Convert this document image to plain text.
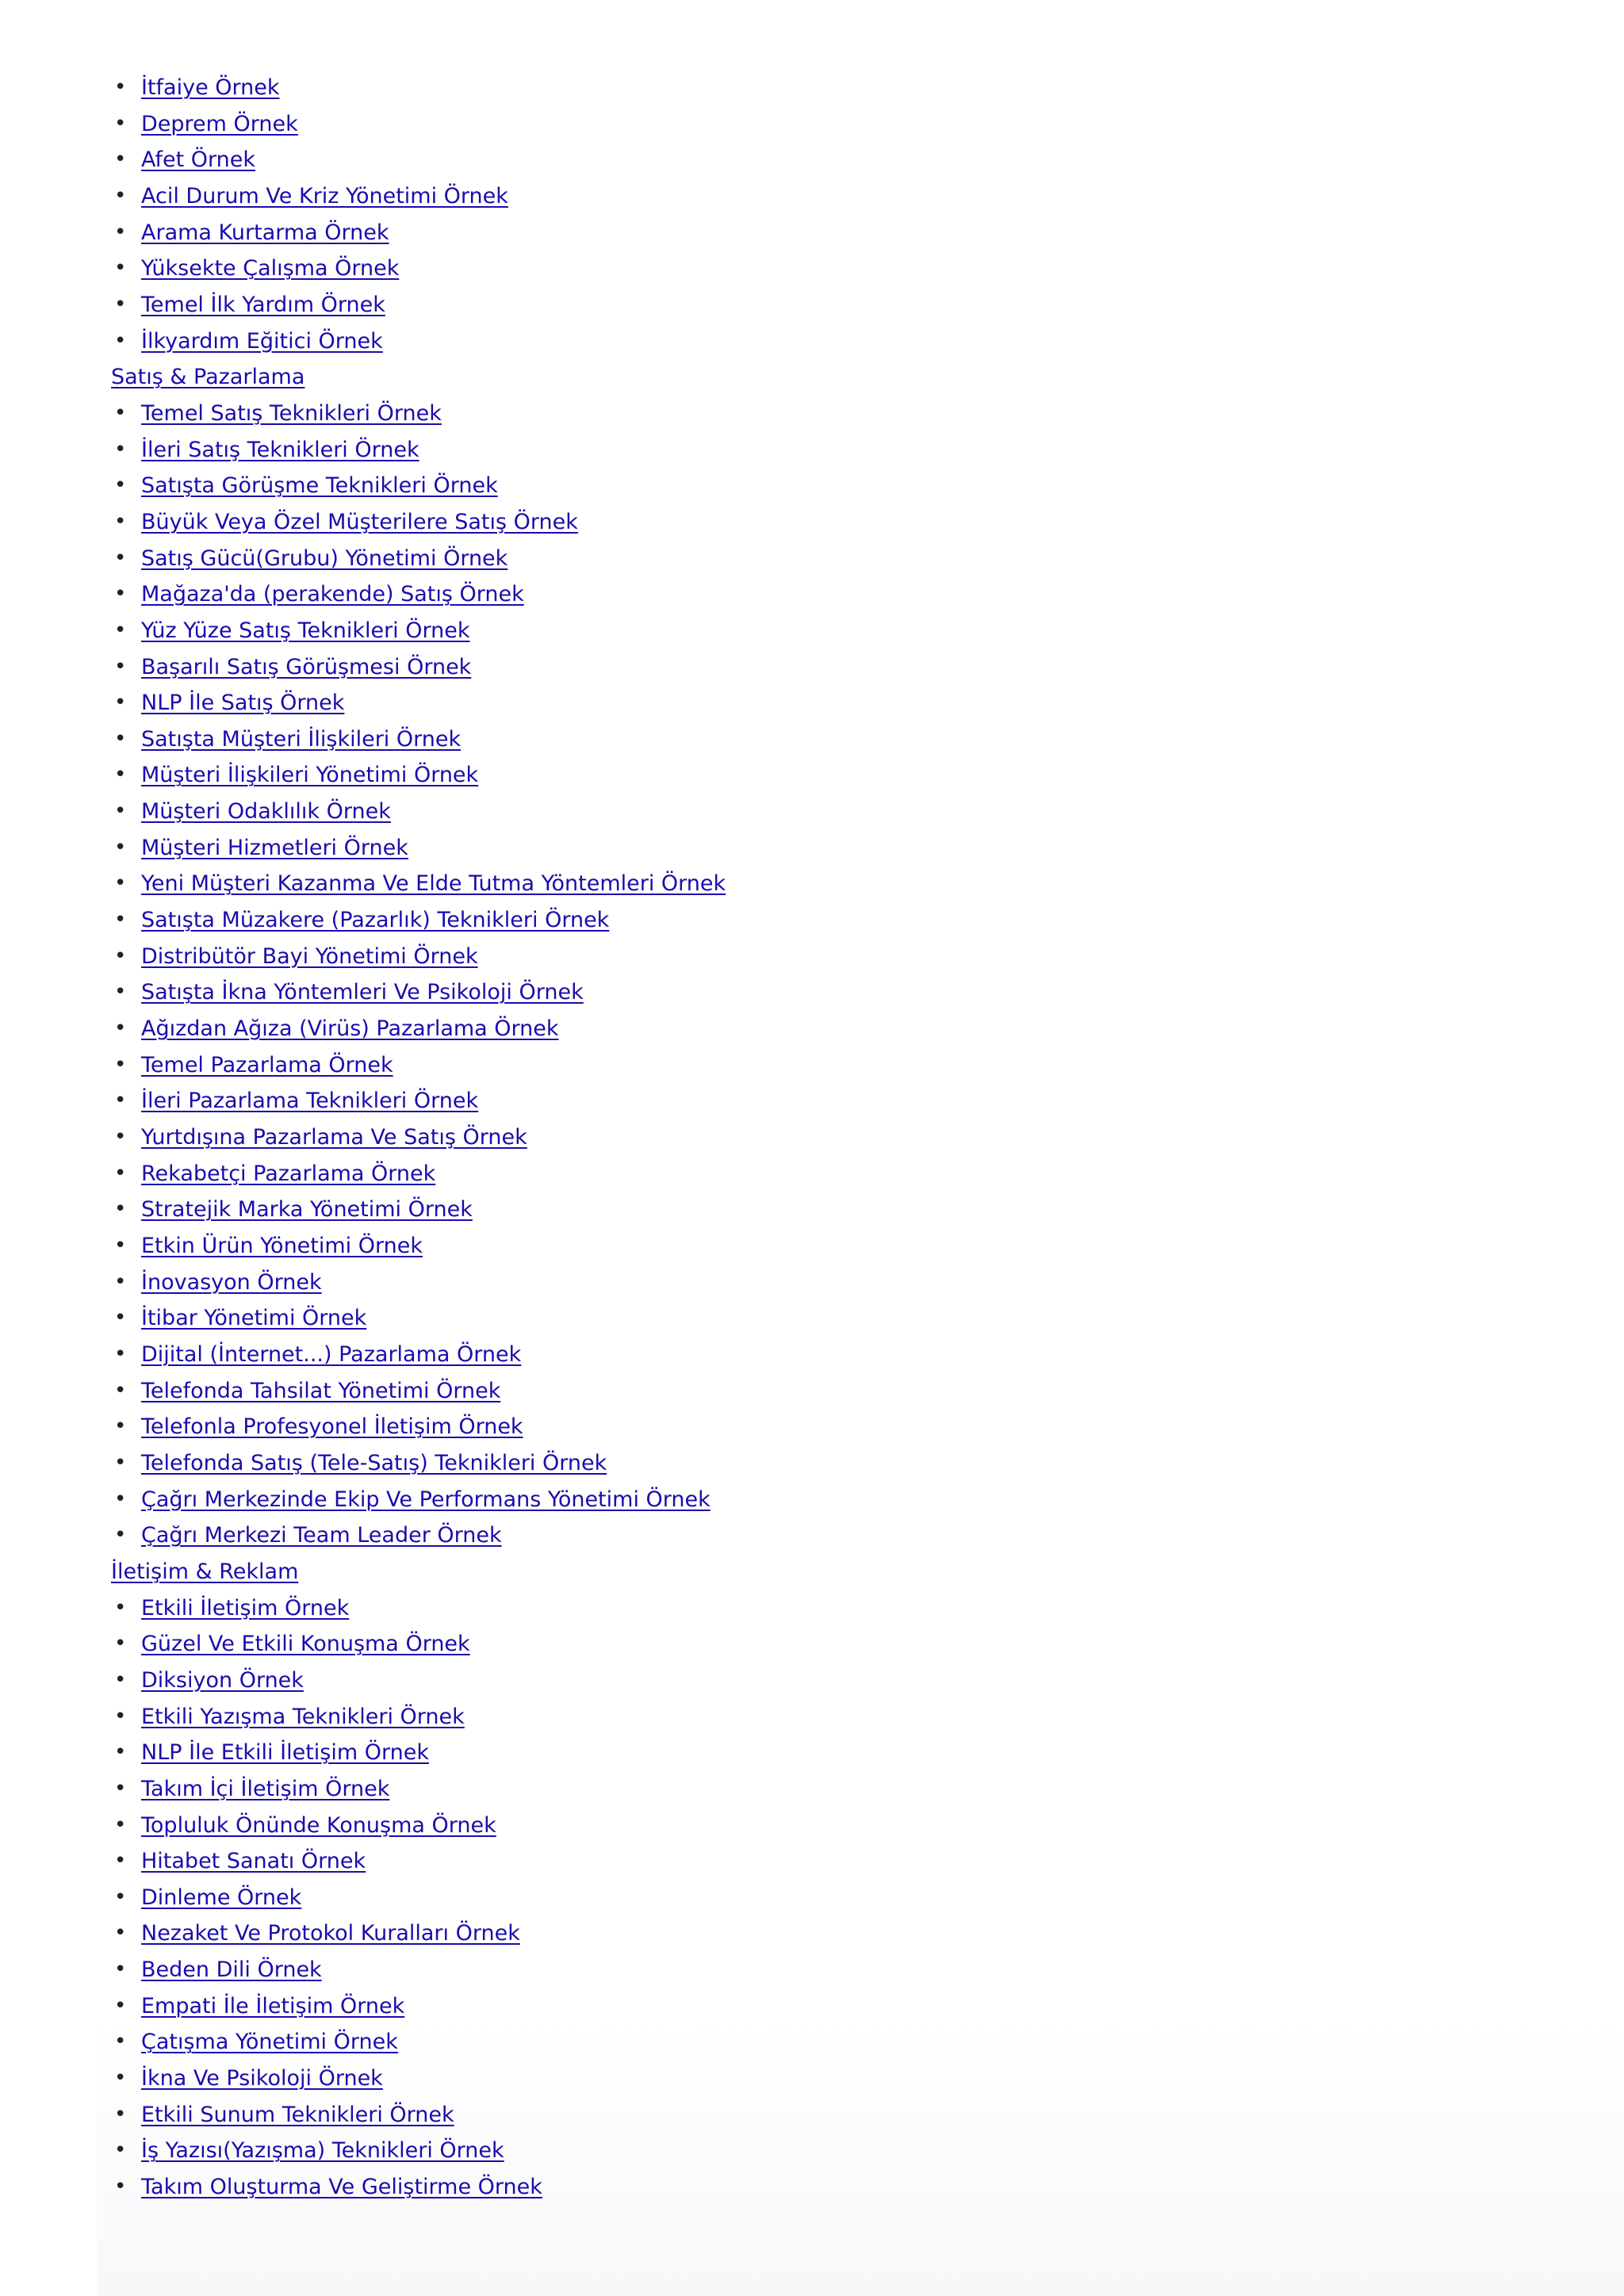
• İtfaiye Örnek
• Deprem Örnek
• Afet Örnek
• Acil Durum Ve Kriz Yönetimi Örnek
• Arama Kurtarma Örnek
• Yüksekte Çalışma Örnek
• Temel İlk Yardım Örnek
• İlkyardım Eğitici Örnek
Satış & Pazarlama
• Temel Satış Teknikleri Örnek
• İleri Satış Teknikleri Örnek
• Satışta Görüşme Teknikleri Örnek
• Büyük Veya Özel Müşterilere Satış Örnek
• Satış Gücü(Grubu) Yönetimi Örnek
• Mağaza'da (perakende) Satış Örnek
• Yüz Yüze Satış Teknikleri Örnek
• Başarılı Satış Görüşmesi Örnek
• NLP İle Satış Örnek
• Satışta Müşteri İlişkileri Örnek
• Müşteri İlişkileri Yönetimi Örnek
• Müşteri Odaklılık Örnek
• Müşteri Hizmetleri Örnek
• Yeni Müşteri Kazanma Ve Elde Tutma Yöntemleri Örnek
• Satışta Müzakere (Pazarlık) Teknikleri Örnek
• Distribütör Bayi Yönetimi Örnek
• Satışta İkna Yöntemleri Ve Psikoloji Örnek
• Ağızdan Ağıza (Virüs) Pazarlama Örnek
• Temel Pazarlama Örnek
• İleri Pazarlama Teknikleri Örnek
• Yurtdışına Pazarlama Ve Satış Örnek
• Rekabetçi Pazarlama Örnek
• Stratejik Marka Yönetimi Örnek
• Etkin Ürün Yönetimi Örnek
• İnovasyon Örnek
• İtibar Yönetimi Örnek
• Dijital (İnternet...) Pazarlama Örnek
• Telefonda Tahsilat Yönetimi Örnek
• Telefonla Profesyonel İletişim Örnek
• Telefonda Satış (Tele-Satış) Teknikleri Örnek
• Çağrı Merkezinde Ekip Ve Performans Yönetimi Örnek
• Çağrı Merkezi Team Leader Örnek
İletişim & Reklam
• Etkili İletişim Örnek
• Güzel Ve Etkili Konuşma Örnek
• Diksiyon Örnek
• Etkili Yazışma Teknikleri Örnek
• NLP İle Etkili İletişim Örnek
• Takım İçi İletişim Örnek
• Topluluk Önünde Konuşma Örnek
• Hitabet Sanatı Örnek
• Dinleme Örnek
• Nezaket Ve Protokol Kuralları Örnek
• Beden Dili Örnek
• Empati İle İletişim Örnek
• Çatışma Yönetimi Örnek
• İkna Ve Psikoloji Örnek
• Etkili Sunum Teknikleri Örnek
• İş Yazısı(Yazışma) Teknikleri Örnek
• Takım Oluşturma Ve Geliştirme Örnek
